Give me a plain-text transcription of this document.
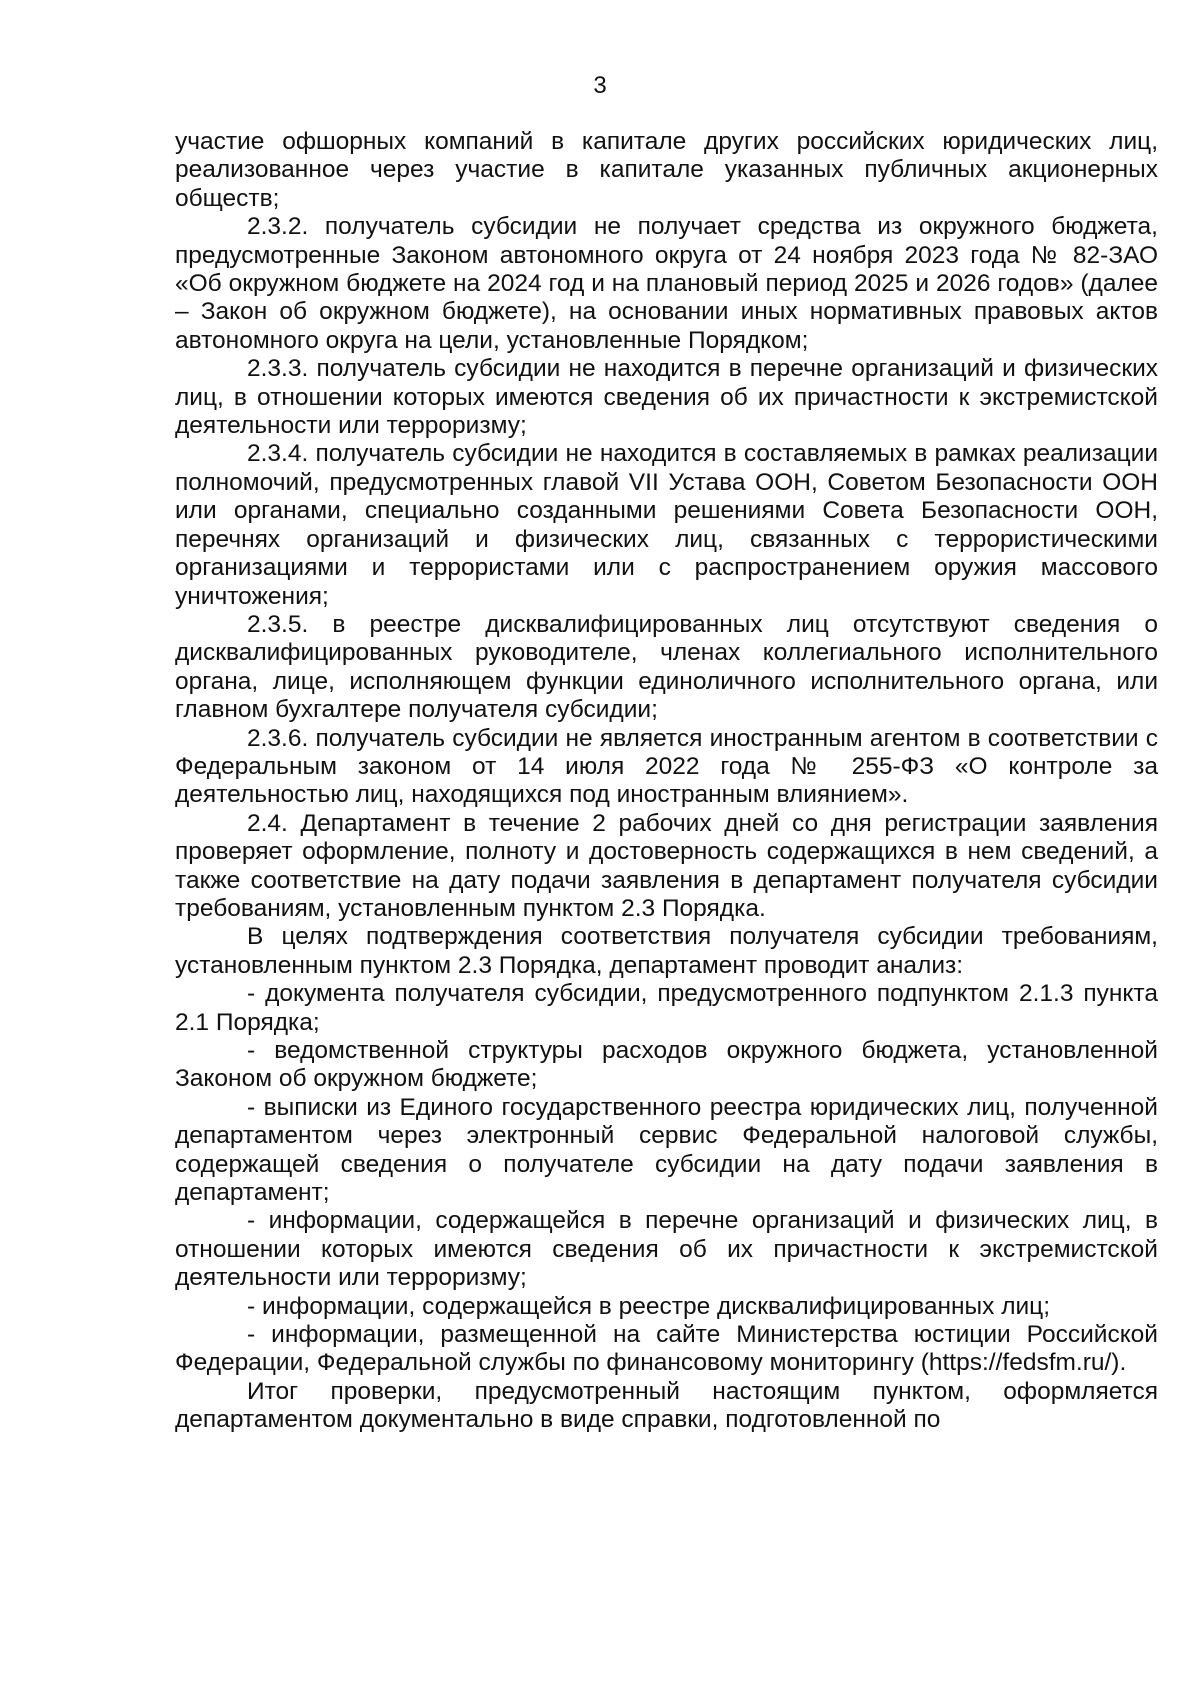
3

участие офшорных компаний в капитале других российских юридических лиц, реализованное через участие в капитале указанных публичных акционерных обществ;

2.3.2. получатель субсидии не получает средства из окружного бюджета, предусмотренные Законом автономного округа от 24 ноября 2023 года № 82-ЗАО «Об окружном бюджете на 2024 год и на плановый период 2025 и 2026 годов» (далее – Закон об окружном бюджете), на основании иных нормативных правовых актов автономного округа на цели, установленные Порядком;

2.3.3. получатель субсидии не находится в перечне организаций и физических лиц, в отношении которых имеются сведения об их причастности к экстремистской деятельности или терроризму;

2.3.4. получатель субсидии не находится в составляемых в рамках реализации полномочий, предусмотренных главой VII Устава ООН, Советом Безопасности ООН или органами, специально созданными решениями Совета Безопасности ООН, перечнях организаций и физических лиц, связанных с террористическими организациями и террористами или с распространением оружия массового уничтожения;

2.3.5. в реестре дисквалифицированных лиц отсутствуют сведения о дисквалифицированных руководителе, членах коллегиального исполнительного органа, лице, исполняющем функции единоличного исполнительного органа, или главном бухгалтере получателя субсидии;

2.3.6. получатель субсидии не является иностранным агентом в соответствии с Федеральным законом от 14 июля 2022 года № 255-ФЗ «О контроле за деятельностью лиц, находящихся под иностранным влиянием».

2.4. Департамент в течение 2 рабочих дней со дня регистрации заявления проверяет оформление, полноту и достоверность содержащихся в нем сведений, а также соответствие на дату подачи заявления в департамент получателя субсидии требованиям, установленным пунктом 2.3 Порядка.

В целях подтверждения соответствия получателя субсидии требованиям, установленным пунктом 2.3 Порядка, департамент проводит анализ:

- документа получателя субсидии, предусмотренного подпунктом 2.1.3 пункта 2.1 Порядка;

- ведомственной структуры расходов окружного бюджета, установленной Законом об окружном бюджете;

- выписки из Единого государственного реестра юридических лиц, полученной департаментом через электронный сервис Федеральной налоговой службы, содержащей сведения о получателе субсидии на дату подачи заявления в департамент;

- информации, содержащейся в перечне организаций и физических лиц, в отношении которых имеются сведения об их причастности к экстремистской деятельности или терроризму;

- информации, содержащейся в реестре дисквалифицированных лиц;

- информации, размещенной на сайте Министерства юстиции Российской Федерации, Федеральной службы по финансовому мониторингу (https://fedsfm.ru/).

Итог проверки, предусмотренный настоящим пунктом, оформляется департаментом документально в виде справки, подготовленной по
